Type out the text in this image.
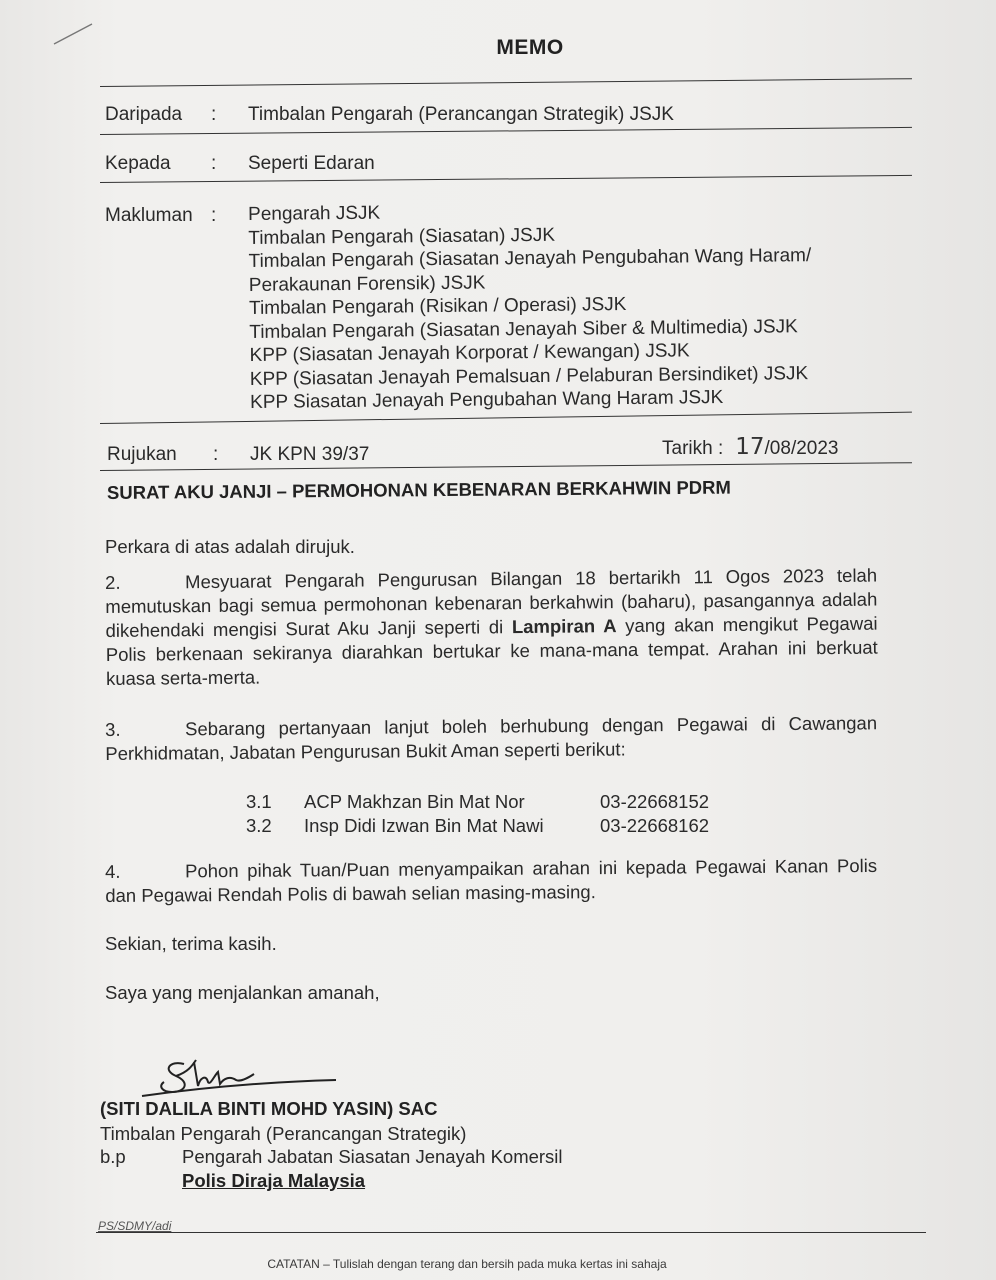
MEMO
Daripada : Timbalan Pengarah (Perancangan Strategik) JSJK
Kepada : Seperti Edaran
Makluman : Pengarah JSJK
Timbalan Pengarah (Siasatan) JSJK
Timbalan Pengarah (Siasatan Jenayah Pengubahan Wang Haram/
Perakaunan Forensik) JSJK
Timbalan Pengarah (Risikan / Operasi) JSJK
Timbalan Pengarah (Siasatan Jenayah Siber & Multimedia) JSJK
KPP (Siasatan Jenayah Korporat / Kewangan) JSJK
KPP (Siasatan Jenayah Pemalsuan / Pelaburan Bersindiket) JSJK
KPP Siasatan Jenayah Pengubahan Wang Haram JSJK
Rujukan : JK KPN 39/37	Tarikh : 17/08/2023
SURAT AKU JANJI – PERMOHONAN KEBENARAN BERKAHWIN PDRM
Perkara di atas adalah dirujuk.
2.	Mesyuarat Pengarah Pengurusan Bilangan 18 bertarikh 11 Ogos 2023 telah memutuskan bagi semua permohonan kebenaran berkahwin (baharu), pasangannya adalah dikehendaki mengisi Surat Aku Janji seperti di Lampiran A yang akan mengikut Pegawai Polis berkenaan sekiranya diarahkan bertukar ke mana-mana tempat. Arahan ini berkuat kuasa serta-merta.
3.	Sebarang pertanyaan lanjut boleh berhubung dengan Pegawai di Cawangan Perkhidmatan, Jabatan Pengurusan Bukit Aman seperti berikut:
3.1 ACP Makhzan Bin Mat Nor	03-22668152
3.2 Insp Didi Izwan Bin Mat Nawi	03-22668162
4.	Pohon pihak Tuan/Puan menyampaikan arahan ini kepada Pegawai Kanan Polis dan Pegawai Rendah Polis di bawah selian masing-masing.
Sekian, terima kasih.
Saya yang menjalankan amanah,
(SITI DALILA BINTI MOHD YASIN) SAC
Timbalan Pengarah (Perancangan Strategik)
b.p	Pengarah Jabatan Siasatan Jenayah Komersil
Polis Diraja Malaysia
PS/SDMY/adi
CATATAN – Tulislah dengan terang dan bersih pada muka kertas ini sahaja
